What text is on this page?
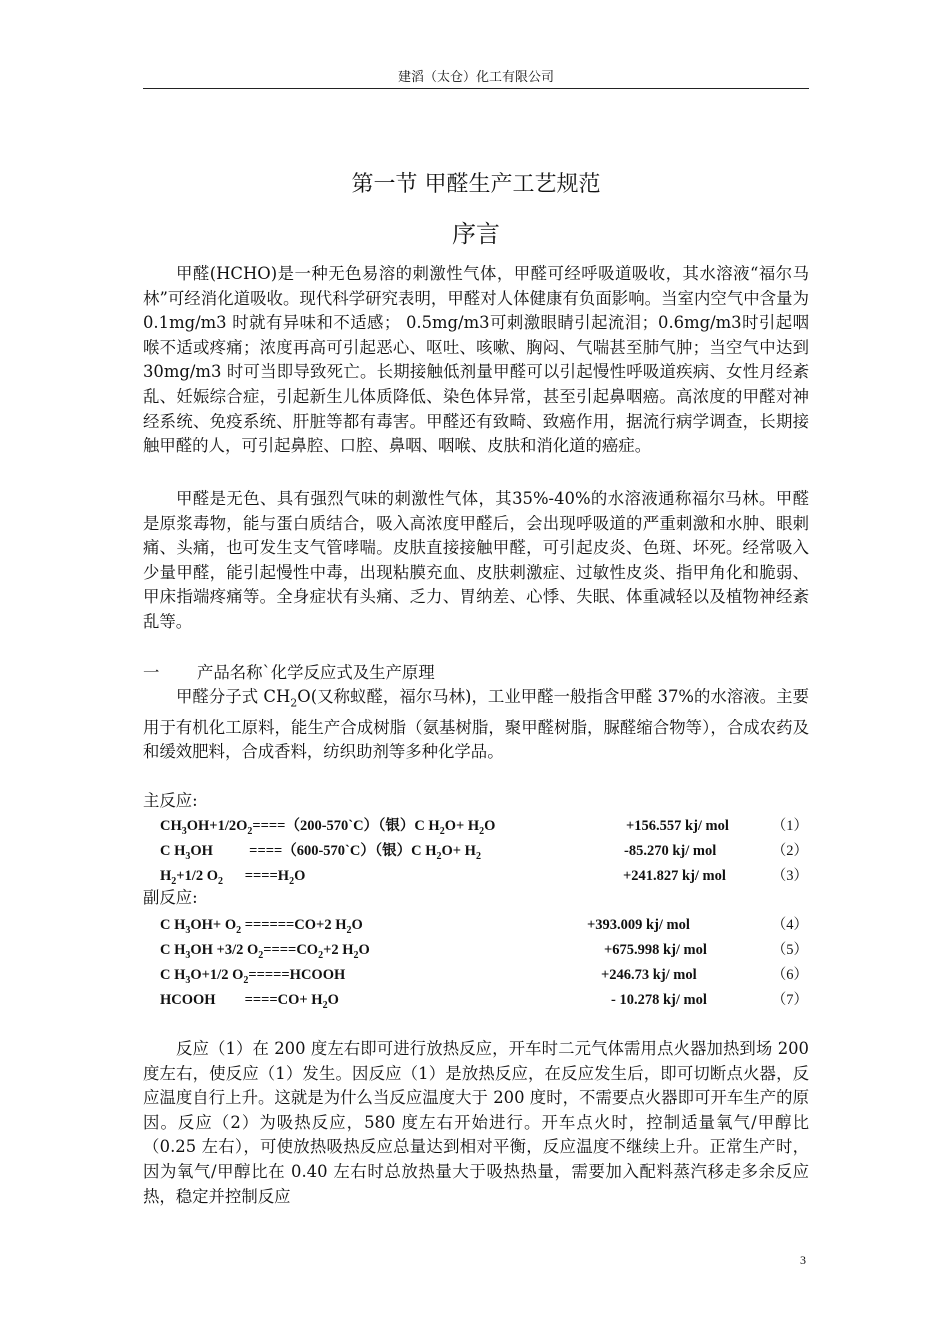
建滔（太仓）化工有限公司
第一节 甲醛生产工艺规范
序言

甲醛(HCHO)是一种无色易溶的刺激性气体，甲醛可经呼吸道吸收，其水溶液“福尔马林”可经消化道吸收。现代科学研究表明，甲醛对人体健康有负面影响。当室内空气中含量为 0.1mg/m3 时就有异味和不适感； 0.5mg/m3可刺激眼睛引起流泪；0.6mg/m3时引起咽喉不适或疼痛；浓度再高可引起恶心、呕吐、咳嗽、胸闷、气喘甚至肺气肿；当空气中达到 30mg/m3 时可当即导致死亡。长期接触低剂量甲醛可以引起慢性呼吸道疾病、女性月经紊乱、妊娠综合症，引起新生儿体质降低、染色体异常，甚至引起鼻咽癌。高浓度的甲醛对神经系统、免疫系统、肝脏等都有毒害。甲醛还有致畸、致癌作用，据流行病学调查，长期接触甲醛的人，可引起鼻腔、口腔、鼻咽、咽喉、皮肤和消化道的癌症。

甲醛是无色、具有强烈气味的刺激性气体，其35%-40%的水溶液通称福尔马林。甲醛是原浆毒物，能与蛋白质结合，吸入高浓度甲醛后，会出现呼吸道的严重刺激和水肿、眼刺痛、头痛，也可发生支气管哮喘。皮肤直接接触甲醛，可引起皮炎、色斑、坏死。经常吸入少量甲醛，能引起慢性中毒，出现粘膜充血、皮肤刺激症、过敏性皮炎、指甲角化和脆弱、甲床指端疼痛等。全身症状有头痛、乏力、胃纳差、心悸、失眠、体重减轻以及植物神经紊乱等。

一 产品名称`化学反应式及生产原理

甲醛分子式 $CH_2O$(又称蚁醛，福尔马林)，工业甲醛一般指含甲醛 37%的水溶液。主要用于有机化工原料，能生产合成树脂（氨基树脂，聚甲醛树脂，脲醛缩合物等），合成农药及和缓效肥料，合成香料，纺织助剂等多种化学品。

主反应:

$CH_3OH+1/2O_2====(200-570`C)$（银）C $H_2O+ H_2O$	+156.557 kj/ mol	（1）
C $H_3OH$          ====（600-570`C）（银）C $H_2O+ H_2$	-85.270 kj/ mol	（2）
$H_2+1/2$ $O_2$      $====H_2O$	+241.827 kj/ mol	（3）

副反应:

C $H_3OH+ O_2 ======CO+2$ $H_2O$	+393.009 kj/ mol	（4）
C $H_3OH +3/2$ $O_2====CO_2+2$ $H_2O$	+675.998 kj/ mol	（5）
C $H_3O+1/2$ $O_2=====HCOOH$	+246.73 kj/ mol	（6）
HCOOH        $====CO+ H_2O$	- 10.278 kj/ mol	（7）

反应（1）在 200 度左右即可进行放热反应，开车时二元气体需用点火器加热到场 200 度左右，使反应（1）发生。因反应（1）是放热反应，在反应发生后，即可切断点火器，反应温度自行上升。这就是为什么当反应温度大于 200 度时，不需要点火器即可开车生产的原因。反应（2）为吸热反应，580 度左右开始进行。开车点火时，控制适量氧气/甲醇比（0.25 左右），可使放热吸热反应总量达到相对平衡，反应温度不继续上升。正常生产时，因为氧气/甲醇比在 0.40 左右时总放热量大于吸热热量，需要加入配料蒸汽移走多余反应热，稳定并控制反应

3
